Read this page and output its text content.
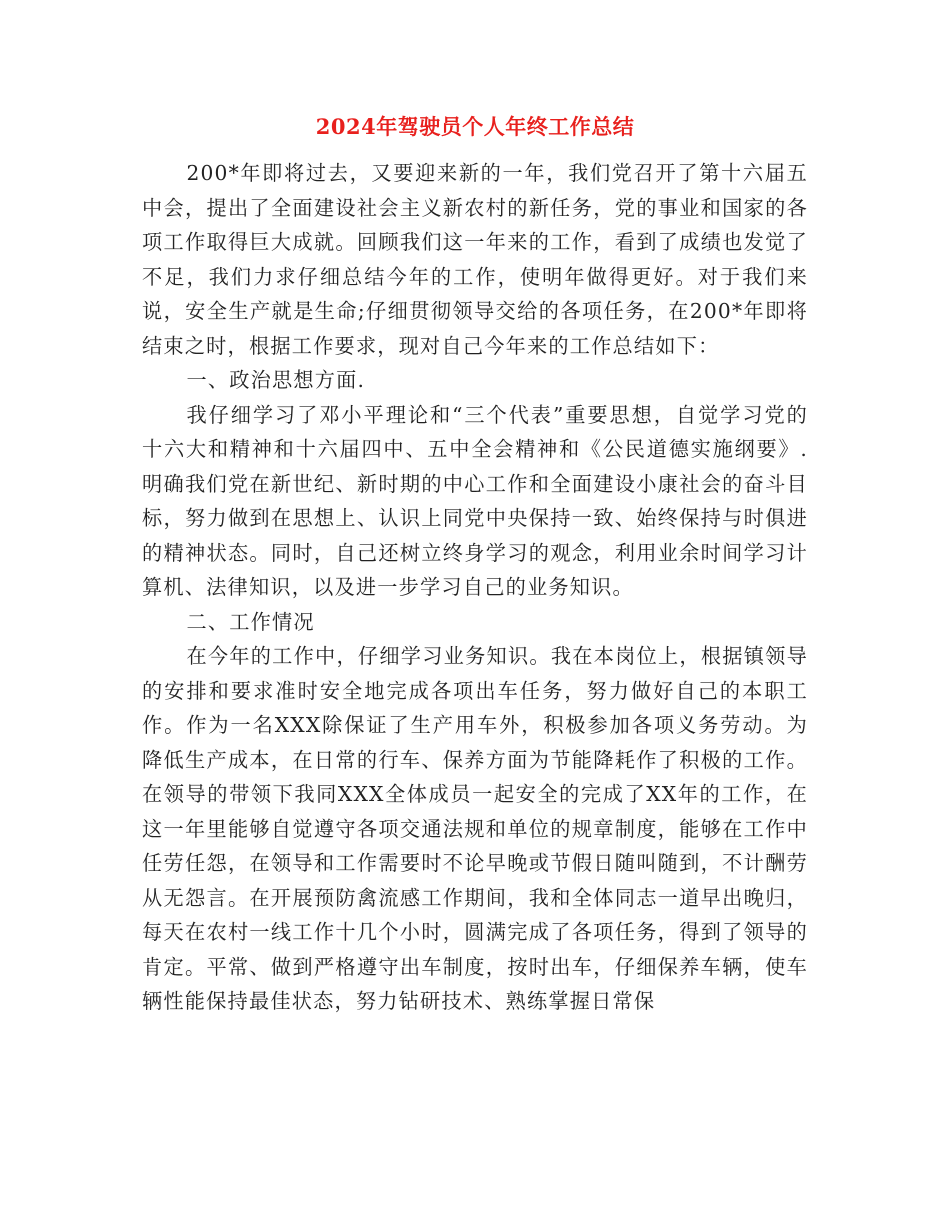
2024年驾驶员个人年终工作总结

200*年即将过去，又要迎来新的一年，我们党召开了第十六届五中会，提出了全面建设社会主义新农村的新任务，党的事业和国家的各项工作取得巨大成就。回顾我们这一年来的工作，看到了成绩也发觉了不足，我们力求仔细总结今年的工作，使明年做得更好。对于我们来说，安全生产就是生命;仔细贯彻领导交给的各项任务，在200*年即将结束之时，根据工作要求，现对自己今年来的工作总结如下：

一、政治思想方面.

我仔细学习了邓小平理论和“三个代表”重要思想，自觉学习党的十六大和精神和十六届四中、五中全会精神和《公民道德实施纲要》.明确我们党在新世纪、新时期的中心工作和全面建设小康社会的奋斗目标，努力做到在思想上、认识上同党中央保持一致、始终保持与时俱进的精神状态。同时，自己还树立终身学习的观念，利用业余时间学习计算机、法律知识，以及进一步学习自己的业务知识。

二、工作情况

在今年的工作中，仔细学习业务知识。我在本岗位上，根据镇领导的安排和要求准时安全地完成各项出车任务，努力做好自己的本职工作。作为一名XXX除保证了生产用车外，积极参加各项义务劳动。为降低生产成本，在日常的行车、保养方面为节能降耗作了积极的工作。在领导的带领下我同XXX全体成员一起安全的完成了XX年的工作，在这一年里能够自觉遵守各项交通法规和单位的规章制度，能够在工作中任劳任怨，在领导和工作需要时不论早晚或节假日随叫随到，不计酬劳从无怨言。在开展预防禽流感工作期间，我和全体同志一道早出晚归，每天在农村一线工作十几个小时，圆满完成了各项任务，得到了领导的肯定。平常、做到严格遵守出车制度，按时出车，仔细保养车辆，使车辆性能保持最佳状态，努力钻研技术、熟练掌握日常保
